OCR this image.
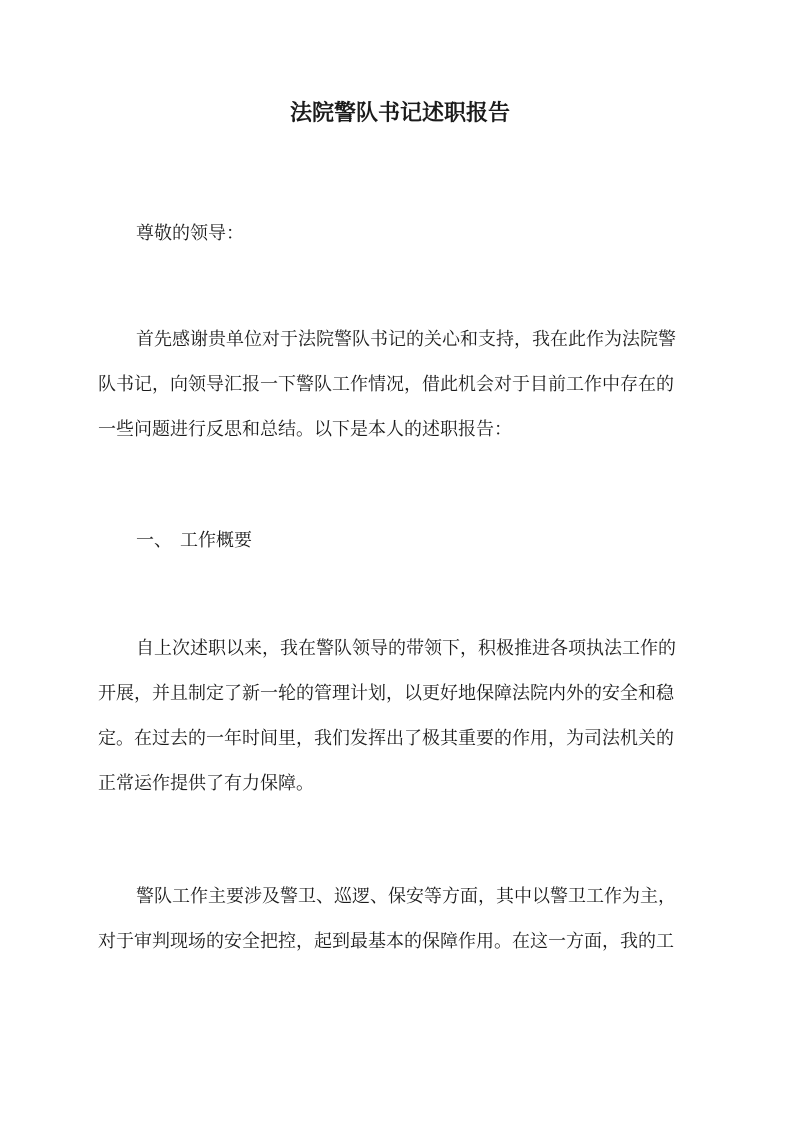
法院警队书记述职报告

尊敬的领导：

首先感谢贵单位对于法院警队书记的关心和支持，我在此作为法院警
队书记，向领导汇报一下警队工作情况，借此机会对于目前工作中存在的
一些问题进行反思和总结。以下是本人的述职报告：

一、 工作概要

自上次述职以来，我在警队领导的带领下，积极推进各项执法工作的
开展，并且制定了新一轮的管理计划，以更好地保障法院内外的安全和稳
定。在过去的一年时间里，我们发挥出了极其重要的作用，为司法机关的
正常运作提供了有力保障。

警队工作主要涉及警卫、巡逻、保安等方面，其中以警卫工作为主，
对于审判现场的安全把控，起到最基本的保障作用。在这一方面，我的工
